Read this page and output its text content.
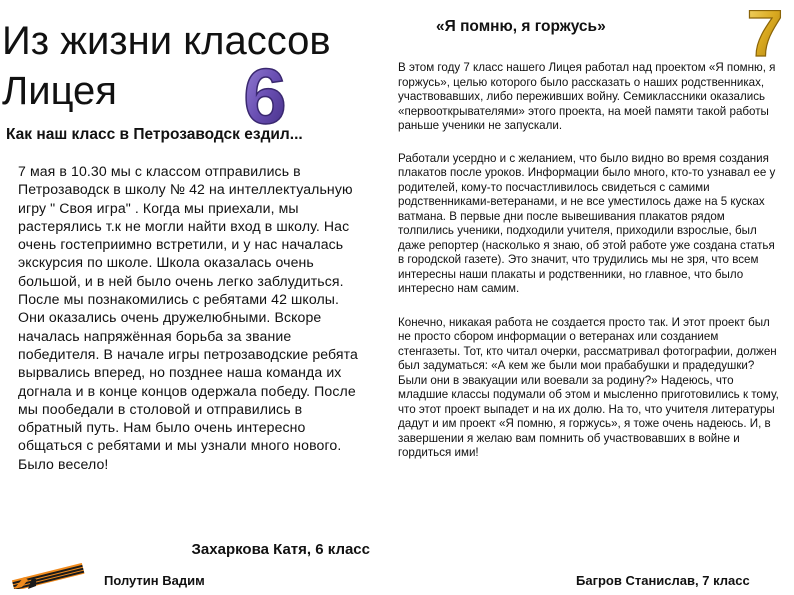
Из жизни классов Лицея	6
7
Как наш класс в Петрозаводск ездил...

7 мая в 10.30 мы с классом отправились в Петрозаводск в школу № 42 на интеллектуальную игру " Своя игра" . Когда мы приехали, мы растерялись т.к не могли найти вход в школу. Нас очень гостеприимно встретили, и у нас началась экскурсия по школе. Школа оказалась очень большой, и в ней было очень легко заблудиться. После мы познакомились с ребятами 42 школы. Они оказались очень дружелюбными. Вскоре началась напряжённая борьба за звание победителя. В начале игры петрозаводские ребята вырвались вперед, но позднее наша команда их догнала и в конце концов одержала победу. После мы пообедали в столовой и отправились в обратный путь. Нам было очень интересно общаться с ребятами и мы узнали много нового. Было весело!

Захаркова Катя, 6 класс
Полутин Вадим
«Я помню, я горжусь»

В этом году 7 класс нашего Лицея работал над проектом «Я помню, я горжусь», целью которого было рассказать о наших родственниках, участвовавших, либо переживших войну. Семиклассники оказались «первооткрывателями» этого проекта, на моей памяти такой работы раньше ученики не запускали.

Работали усердно и с желанием, что было видно во время создания плакатов после уроков. Информации было много, кто-то узнавал ее у родителей, кому-то посчастливилось свидеться с самими родственниками-ветеранами, и не все уместилось даже на 5 кусках ватмана. В первые дни после вывешивания плакатов рядом толпились ученики, подходили учителя, приходили взрослые, был даже репортер (насколько я знаю, об этой работе уже создана статья в городской газете). Это значит, что трудились мы не зря, что всем интересны наши плакаты и родственники, но главное, что было интересно нам самим.

Конечно, никакая работа не создается просто так. И этот проект был не просто сбором информации о ветеранах или созданием стенгазеты. Тот, кто читал очерки, рассматривал фотографии, должен был задуматься: «А кем же были мои прабабушки и прадедушки? Были они в эвакуации или воевали за родину?» Надеюсь, что младшие классы подумали об этом и мысленно приготовились к тому, что этот проект выпадет и на их долю. На то, что учителя литературы дадут и им проект «Я помню, я горжусь», я тоже очень надеюсь. И, в завершении я желаю вам помнить об участвовавших в войне и гордиться ими!

Багров Станислав, 7 класс
